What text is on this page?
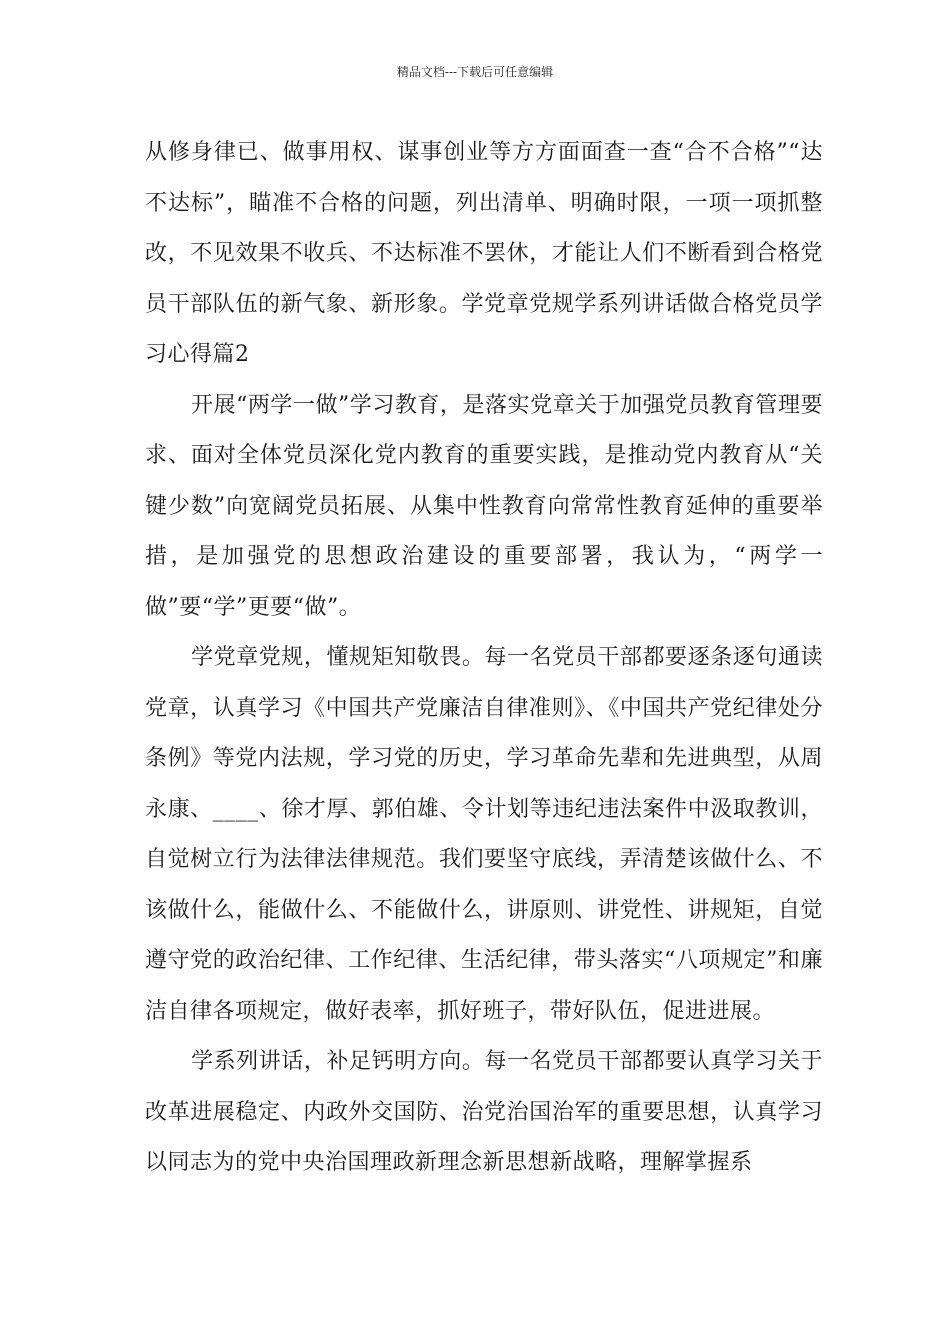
精品文档---下载后可任意编辑

从修身律已、做事用权、谋事创业等方方面面查一查“合不合格”“达不达标”，瞄准不合格的问题，列出清单、明确时限，一项一项抓整改，不见效果不收兵、不达标准不罢休，才能让人们不断看到合格党员干部队伍的新气象、新形象。学党章党规学系列讲话做合格党员学习心得篇2

开展“两学一做”学习教育，是落实党章关于加强党员教育管理要求、面对全体党员深化党内教育的重要实践，是推动党内教育从“关键少数”向宽阔党员拓展、从集中性教育向常常性教育延伸的重要举措，是加强党的思想政治建设的重要部署，我认为，“两学一做”要“学”更要“做”。

学党章党规，懂规矩知敬畏。每一名党员干部都要逐条逐句通读党章，认真学习《中国共产党廉洁自律准则》、《中国共产党纪律处分条例》等党内法规，学习党的历史，学习革命先辈和先进典型，从周永康、____、徐才厚、郭伯雄、令计划等违纪违法案件中汲取教训，自觉树立行为法律法律规范。我们要坚守底线，弄清楚该做什么、不该做什么，能做什么、不能做什么，讲原则、讲党性、讲规矩，自觉遵守党的政治纪律、工作纪律、生活纪律，带头落实“八项规定”和廉洁自律各项规定，做好表率，抓好班子，带好队伍，促进进展。

学系列讲话，补足钙明方向。每一名党员干部都要认真学习关于改革进展稳定、内政外交国防、治党治国治军的重要思想，认真学习以同志为的党中央治国理政新理念新思想新战略，理解掌握系
